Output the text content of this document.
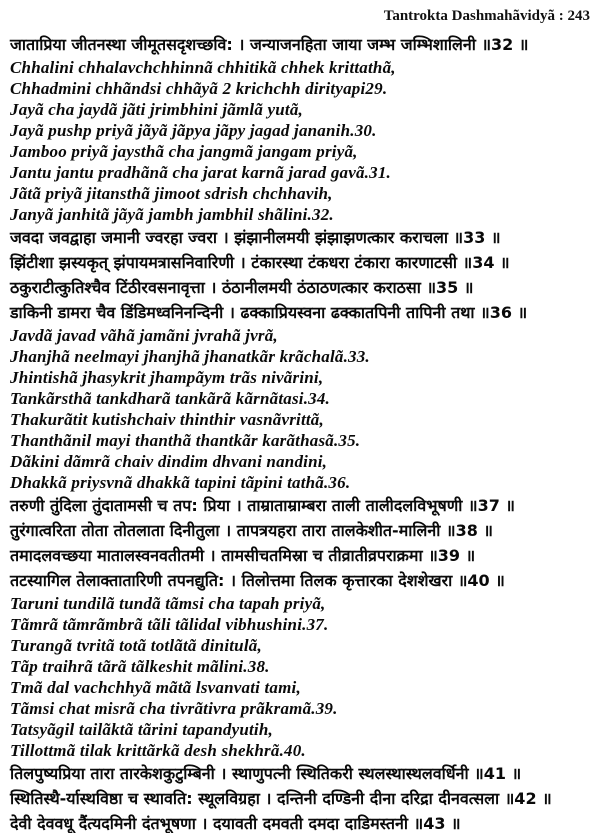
Tantrokta Dashmahãvidyã : 243
जाताप्रिया जीतनस्था जीमूतसदृशच्छवि: । जन्याजनहिता जाया जम्भ जम्भिशालिनी ॥32 ॥
Chhalini chhalavchchhinnã chhitikã chhek krittathã,
Chhadmini chhãndsi chhãyã 2 krichchh dirityapi29.
Jayã cha jaydã jãti jrimbhini jãmlã yutã,
Jayã pushp priyã jãyã jãpya jãpy jagad jananih.30.
Jamboo priyã jaysthã cha jangmã jangam priyã,
Jantu jantu pradhãnã cha jarat karnã jarad gavã.31.
Jãtã priyã jitansthã jimoot sdrish chchhavih,
Janyã janhitã jãyã jambh jambhil shãlini.32.
जवदा जवद्वाहा जमानी ज्वरहा ज्वरा । झंझानीलमयी झंझाझणत्कार कराचला ॥33 ॥
झिंटीशा झस्यकृत् झंपायमत्रासनिवारिणी । टंकारस्था टंकधरा टंकारा कारणाटसी ॥34 ॥
ठकुराटीत्कुतिश्चैव टिंठीरवसनावृत्ता । ठंठानीलमयी ठंठाठणत्कार कराठसा ॥35 ॥
डाकिनी डामरा चैव डिंडिमध्वनिनन्दिनी । ढक्काप्रियस्वना ढक्कातपिनी तापिनी तथा ॥36 ॥
Javdã javad vãhã jamãni jvrahã jvrã,
Jhanjhã neelmayi jhanjhã jhanatkãr krãchalã.33.
Jhintishã jhasykrit jhampãym trãs nivãrini,
Tankãrsthã tankdharã tankãrã kãrnãtasi.34.
Thakurãtit kutishchaiv thinthir vasnãvrittã,
Thanthãnil mayi thanthã thantkãr karãthasã.35.
Dãkini dãmrã chaiv dindim dhvani nandini,
Dhakkã priysvnã dhakkã tapini tãpini tathã.36.
तरुणी तुंदिला तुंदातामसी च तप: प्रिया । ताम्राताम्राम्बरा ताली तालीदलविभूषणी ॥37 ॥
तुरंगात्वरिता तोता तोतलाता दिनीतुला । तापत्रयहरा तारा तालकेशीत-मालिनी ॥38 ॥
तमादलवच्छया मातालस्वनवतीतमी । तामसीचतमिस्रा च तीव्रातीव्रपराक्रमा ॥39 ॥
तटस्यागिल तेलाक्तातारिणी तपनद्युति: । तिलोत्तमा तिलक कृत्तारका देशशेखरा ॥40 ॥
Taruni tundilã tundã tãmsi cha tapah priyã,
Tãmrã tãmrãmbrã tãli tãlidal vibhushini.37.
Turangã tvritã totã totlãtã dinitulã,
Tãp traihrã tãrã tãlkeshit mãlini.38.
Tmã dal vachchhyã mãtã lsvanvati tami,
Tãmsi chat misrã cha tivrãtivra prãkramã.39.
Tatsyãgil tailãktã tãrini tapandyutih,
Tillottmã tilak krittãrkã desh shekhrã.40.
तिलपुष्यप्रिया तारा तारकेशकुटुम्बिनी । स्थाणुपत्नी स्थितिकरी स्थलस्थास्थलवर्धिनी ॥41 ॥
स्थितिस्थै-र्यास्थविष्ठा च स्थावति: स्थूलविग्रहा । दन्तिनी दण्डिनी दीना दरिद्रा दीनवत्सला ॥42 ॥
देवी देववधू दैंत्यदमिनी दंतभूषणा । दयावती दमवती दमदा दाडिमस्तनी ॥43 ॥
